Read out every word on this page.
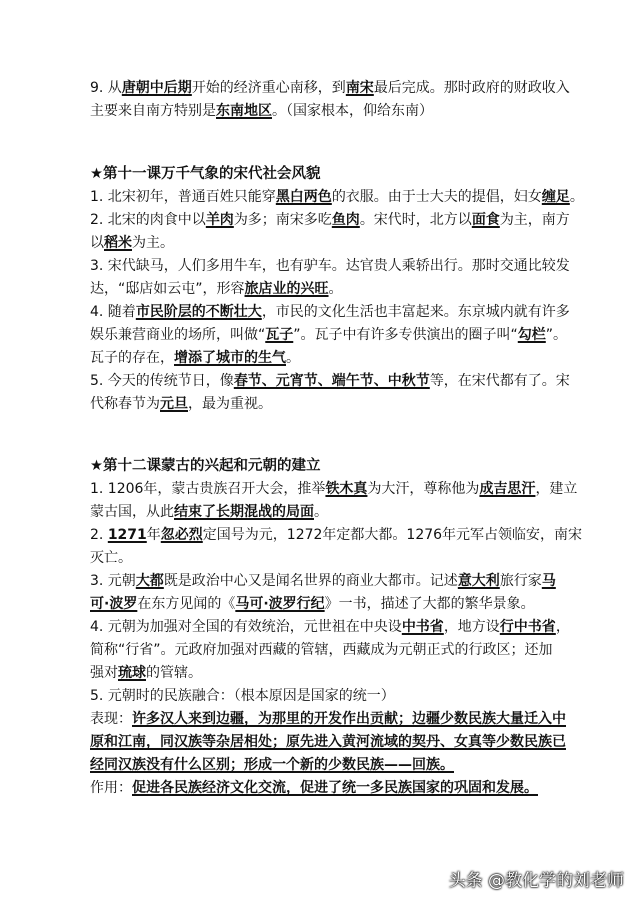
9. 从唐朝中后期开始的经济重心南移，到南宋最后完成。那时政府的财政收入
主要来自南方特别是东南地区。（国家根本，仰给东南）
★第十一课万千气象的宋代社会风貌
1. 北宋初年，普通百姓只能穿黑白两色的衣服。由于士大夫的提倡，妇女缠足。
2. 北宋的肉食中以羊肉为多；南宋多吃鱼肉。宋代时，北方以面食为主，南方
以稻米为主。
3. 宋代缺马，人们多用牛车，也有驴车。达官贵人乘轿出行。那时交通比较发
达，“邸店如云屯”，形容旅店业的兴旺。
4. 随着市民阶层的不断壮大，市民的文化生活也丰富起来。东京城内就有许多
娱乐兼营商业的场所，叫做“瓦子”。瓦子中有许多专供演出的圈子叫“勾栏”。
瓦子的存在，增添了城市的生气。
5. 今天的传统节日，像春节、元宵节、端午节、中秋节等，在宋代都有了。宋
代称春节为元旦，最为重视。
★第十二课蒙古的兴起和元朝的建立
1. 1206年，蒙古贵族召开大会，推举铁木真为大汗，尊称他为成吉思汗，建立
蒙古国，从此结束了长期混战的局面。
2. 1271年忽必烈定国号为元，1272年定都大都。1276年元军占领临安，南宋
灭亡。
3. 元朝大都既是政治中心又是闻名世界的商业大都市。记述意大利旅行家马
可·波罗在东方见闻的《马可·波罗行纪》一书，描述了大都的繁华景象。
4. 元朝为加强对全国的有效统治，元世祖在中央设中书省，地方设行中书省，
简称“行省”。元政府加强对西藏的管辖，西藏成为元朝正式的行政区；还加
强对琉球的管辖。
5. 元朝时的民族融合：（根本原因是国家的统一）
表现：许多汉人来到边疆，为那里的开发作出贡献；边疆少数民族大量迁入中
原和江南，同汉族等杂居相处；原先进入黄河流域的契丹、女真等少数民族已
经同汉族没有什么区别；形成一个新的少数民族——回族。
作用：促进各民族经济文化交流，促进了统一多民族国家的巩固和发展。
头条 @教化学的刘老师
